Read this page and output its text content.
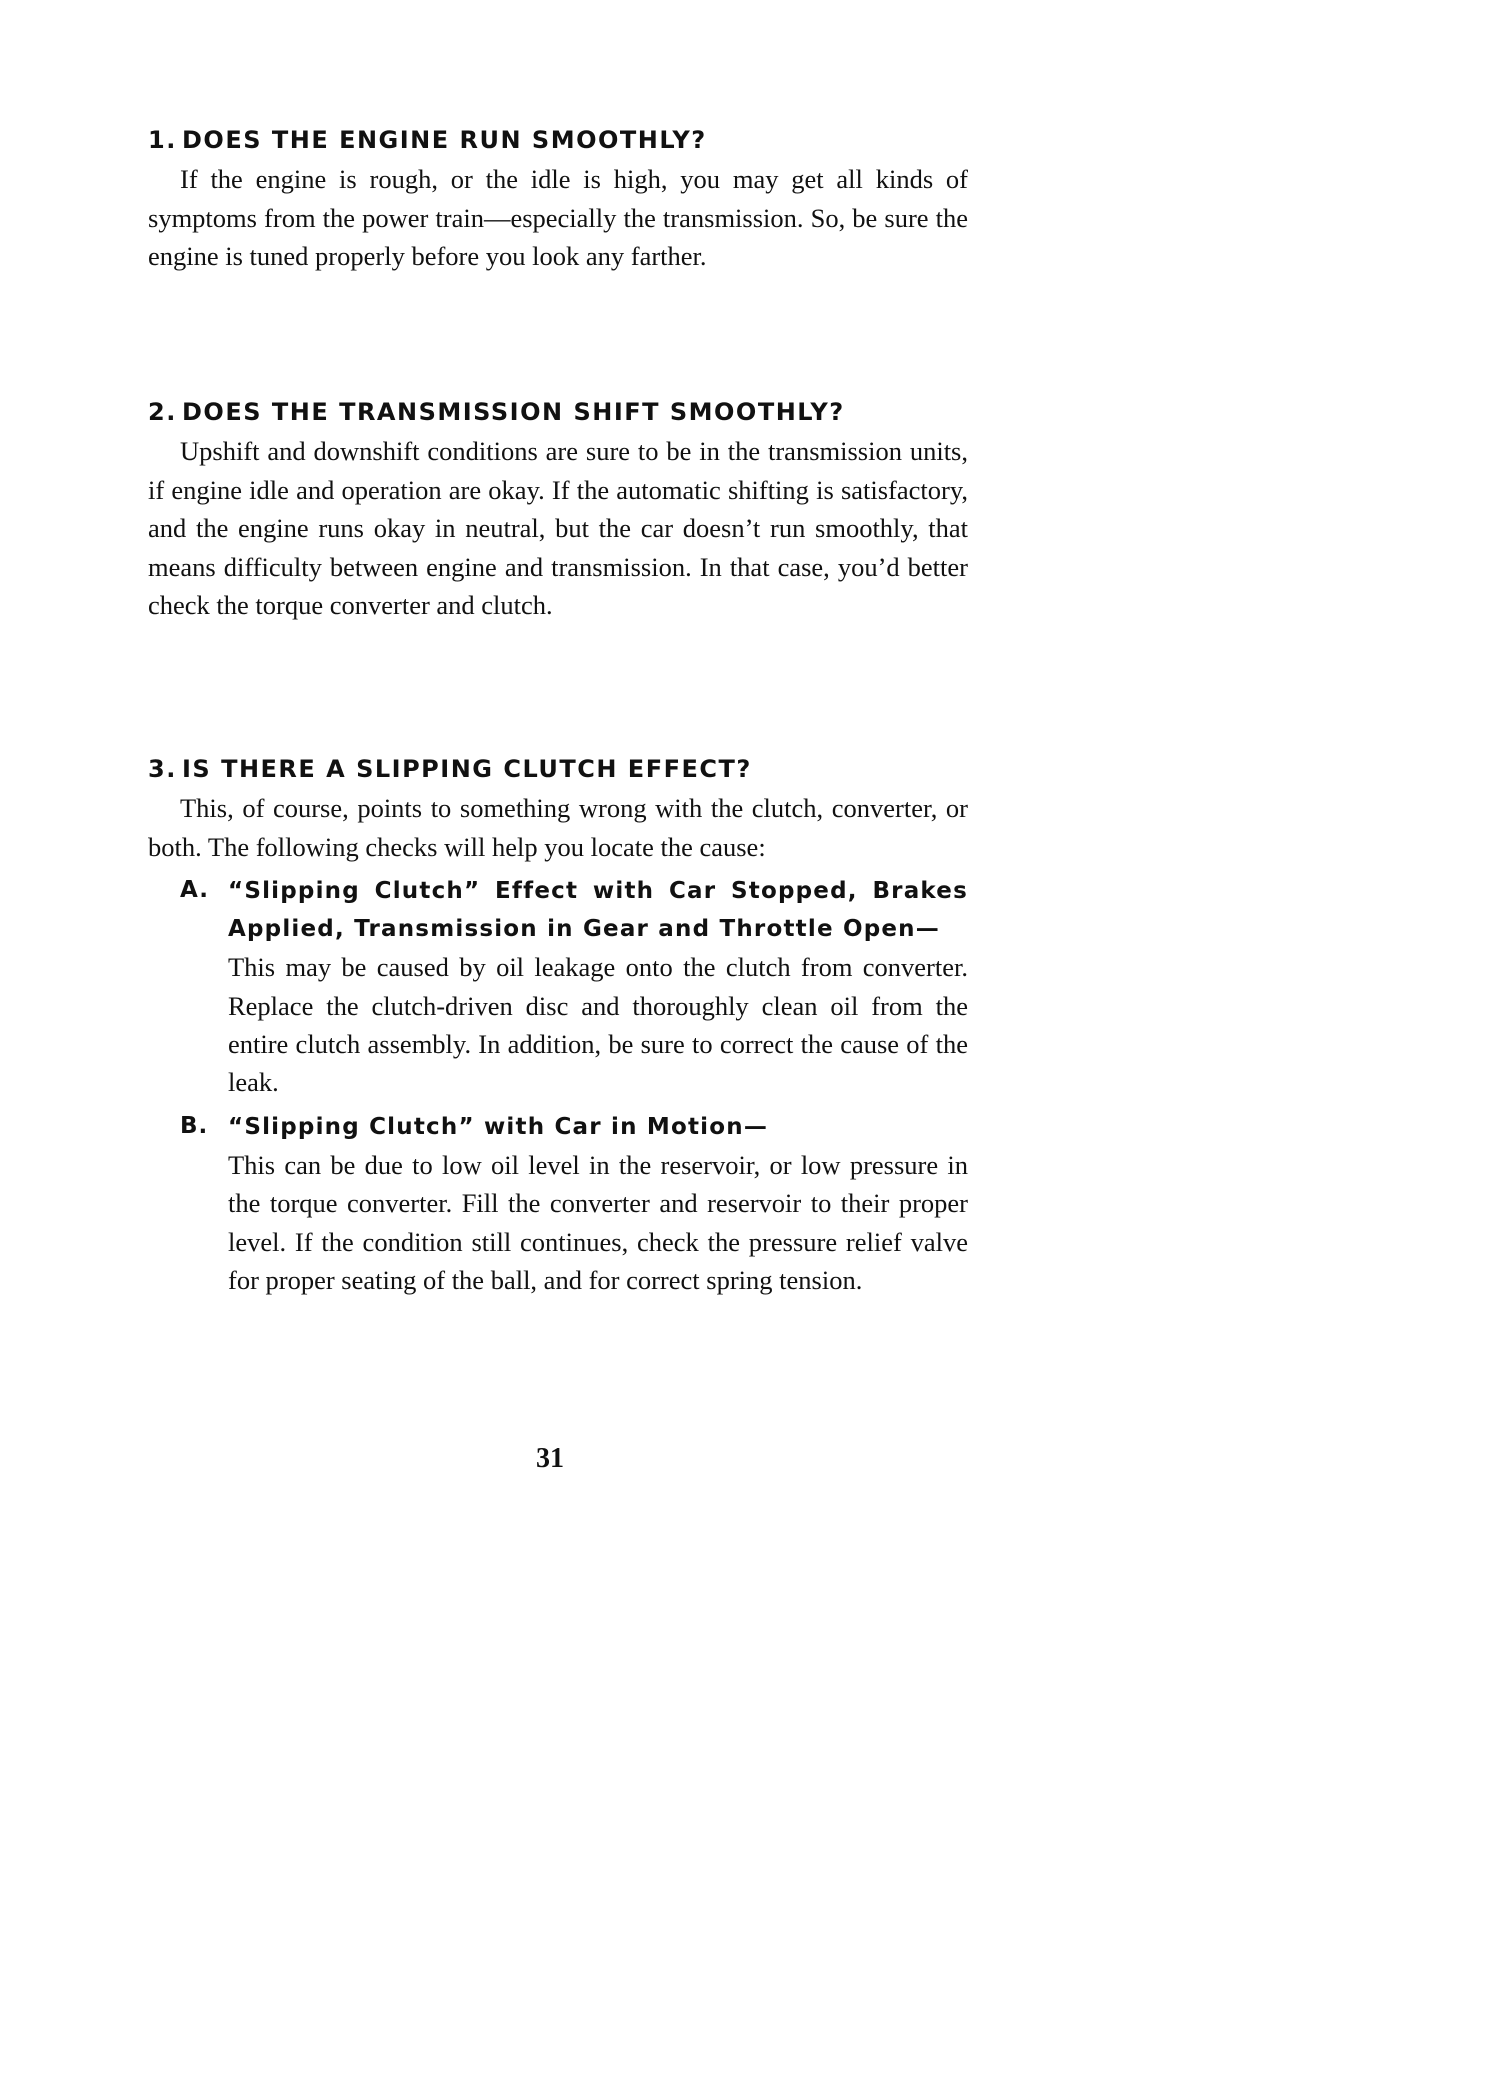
1. DOES THE ENGINE RUN SMOOTHLY?

If the engine is rough, or the idle is high, you may get all kinds of symptoms from the power train—especially the transmission. So, be sure the engine is tuned properly before you look any farther.

2. DOES THE TRANSMISSION SHIFT SMOOTHLY?

Upshift and downshift conditions are sure to be in the transmission units, if engine idle and operation are okay. If the automatic shifting is satisfactory, and the engine runs okay in neutral, but the car doesn’t run smoothly, that means difficulty between engine and transmission. In that case, you’d better check the torque converter and clutch.

3. IS THERE A SLIPPING CLUTCH EFFECT?

This, of course, points to something wrong with the clutch, converter, or both. The following checks will help you locate the cause:

A. “Slipping Clutch” Effect with Car Stopped, Brakes Applied, Transmission in Gear and Throttle Open—

This may be caused by oil leakage onto the clutch from converter. Replace the clutch-driven disc and thoroughly clean oil from the entire clutch assembly. In addition, be sure to correct the cause of the leak.

B. “Slipping Clutch” with Car in Motion—

This can be due to low oil level in the reservoir, or low pressure in the torque converter. Fill the converter and reservoir to their proper level. If the condition still continues, check the pressure relief valve for proper seating of the ball, and for correct spring tension.

31
